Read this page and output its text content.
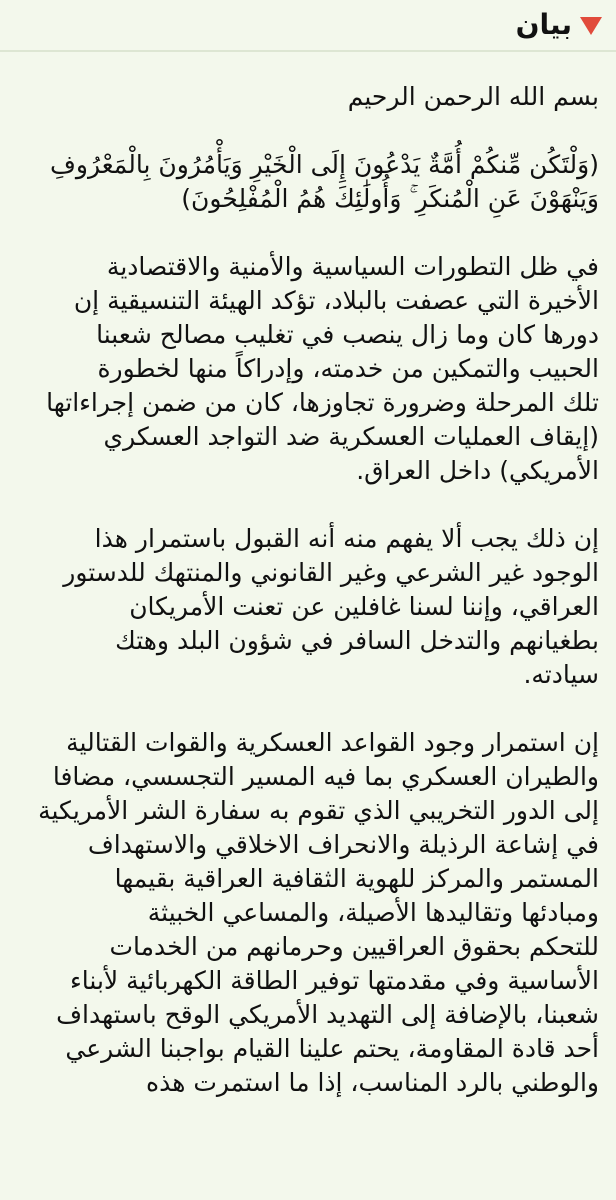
بيان

بسم الله الرحمن الرحيم

(وَلْتَكُن مِّنكُمْ أُمَّةٌ يَدْعُونَ إِلَى الْخَيْرِ وَيَأْمُرُونَ بِالْمَعْرُوفِ
وَيَنْهَوْنَ عَنِ الْمُنكَرِ ۚ وَأُولَٰئِكَ هُمُ الْمُفْلِحُونَ)

في ظل التطورات السياسية والأمنية والاقتصادية
الأخيرة التي عصفت بالبلاد، تؤكد الهيئة التنسيقية إن
دورها كان وما زال ينصب في تغليب مصالح شعبنا
الحبيب والتمكين من خدمته، وإدراكاً منها لخطورة
تلك المرحلة وضرورة تجاوزها، كان من ضمن إجراءاتها
(إيقاف العمليات العسكرية ضد التواجد العسكري
الأمريكي) داخل العراق.

إن ذلك يجب ألا يفهم منه أنه القبول باستمرار هذا
الوجود غير الشرعي وغير القانوني والمنتهك للدستور
العراقي، وإننا لسنا غافلين عن تعنت الأمريكان
بطغيانهم والتدخل السافر في شؤون البلد وهتك
سيادته.

إن استمرار وجود القواعد العسكرية والقوات القتالية
والطيران العسكري بما فيه المسير التجسسي، مضافا
إلى الدور التخريبي الذي تقوم به سفارة الشر الأمريكية
في إشاعة الرذيلة والانحراف الاخلاقي والاستهداف
المستمر والمركز للهوية الثقافية العراقية بقيمها
ومبادئها وتقاليدها الأصيلة، والمساعي الخبيثة
للتحكم بحقوق العراقيين وحرمانهم من الخدمات
الأساسية وفي مقدمتها توفير الطاقة الكهربائية لأبناء
شعبنا، بالإضافة إلى التهديد الأمريكي الوقح باستهداف
أحد قادة المقاومة، يحتم علينا القيام بواجبنا الشرعي
والوطني بالرد المناسب، إذا ما استمرت هذه
